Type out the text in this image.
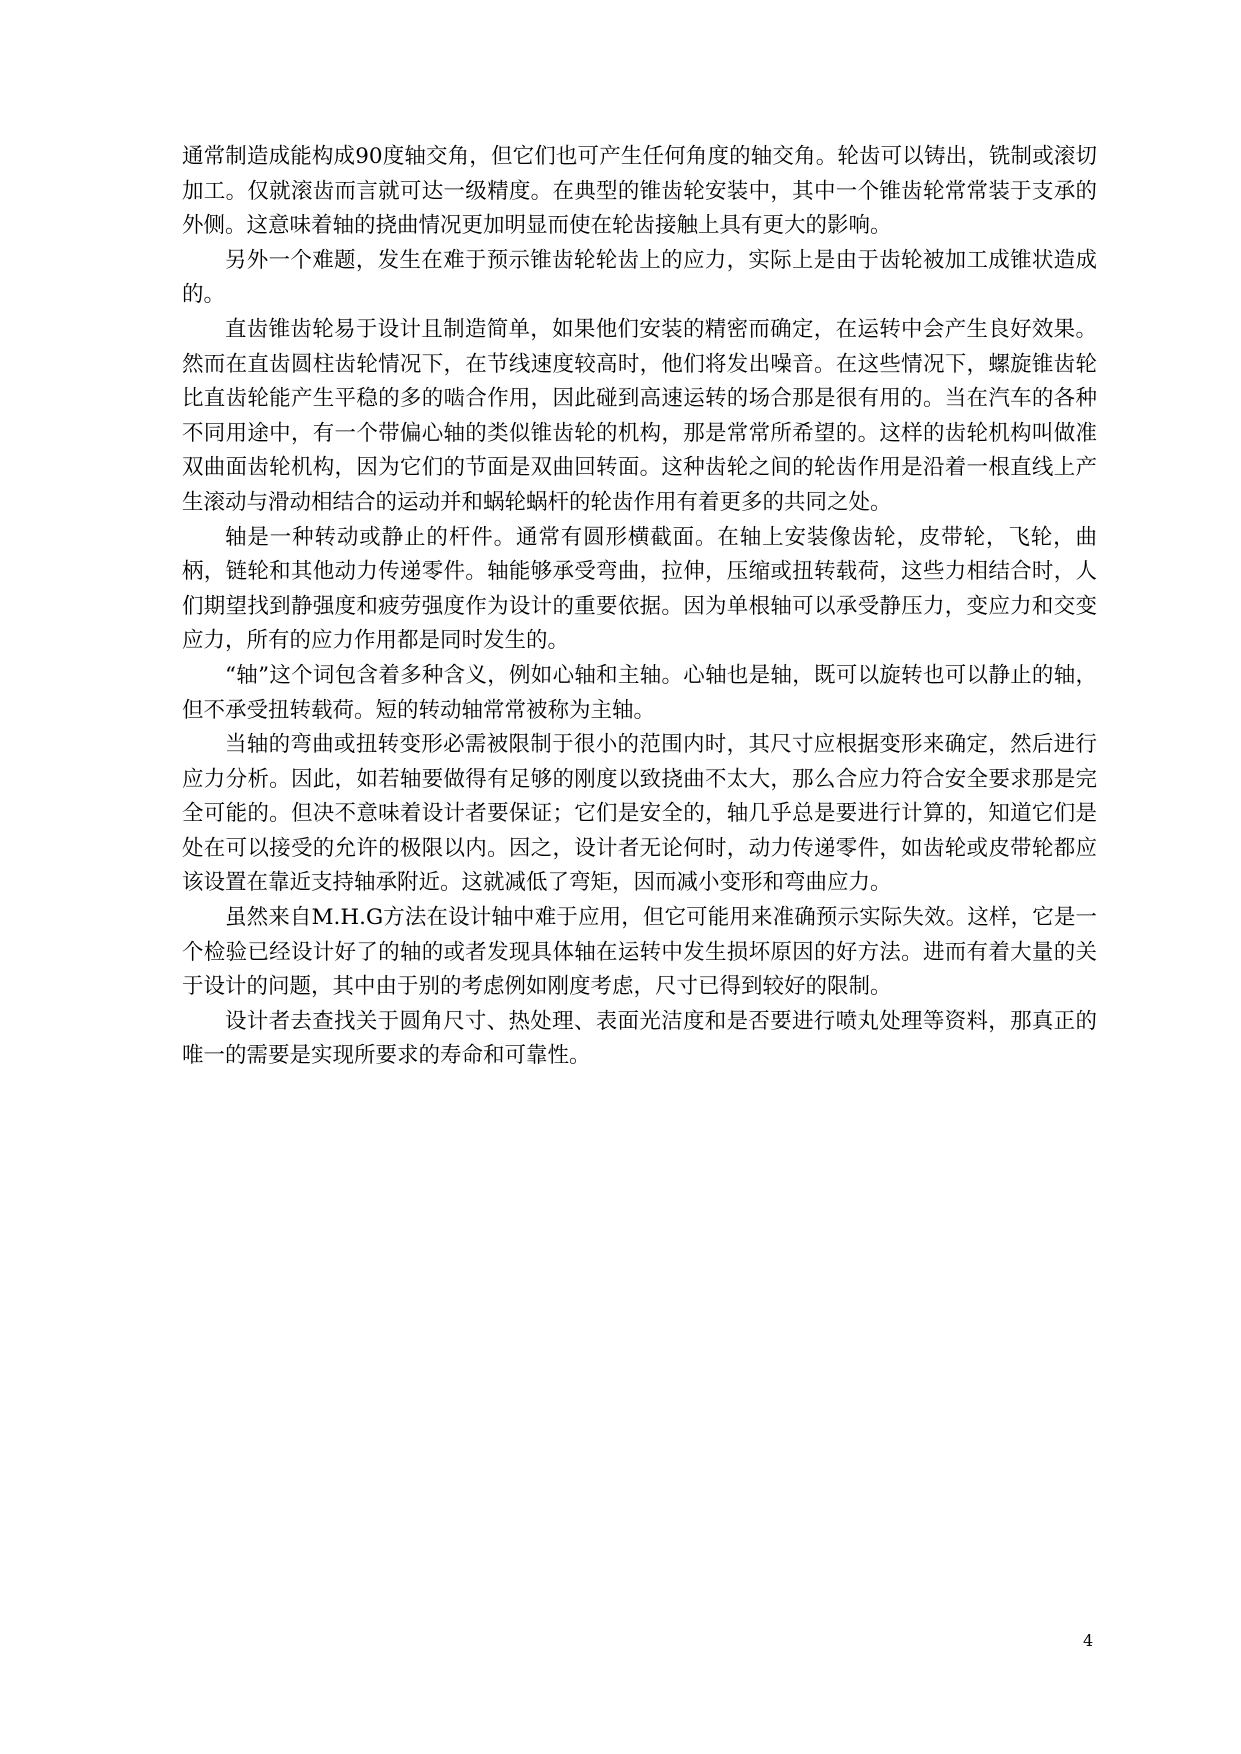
通常制造成能构成90度轴交角，但它们也可产生任何角度的轴交角。轮齿可以铸出，铣制或滚切加工。仅就滚齿而言就可达一级精度。在典型的锥齿轮安装中，其中一个锥齿轮常常装于支承的外侧。这意味着轴的挠曲情况更加明显而使在轮齿接触上具有更大的影响。

另外一个难题，发生在难于预示锥齿轮轮齿上的应力，实际上是由于齿轮被加工成锥状造成的。

直齿锥齿轮易于设计且制造简单，如果他们安装的精密而确定，在运转中会产生良好效果。然而在直齿圆柱齿轮情况下，在节线速度较高时，他们将发出噪音。在这些情况下，螺旋锥齿轮比直齿轮能产生平稳的多的啮合作用，因此碰到高速运转的场合那是很有用的。当在汽车的各种不同用途中，有一个带偏心轴的类似锥齿轮的机构，那是常常所希望的。这样的齿轮机构叫做准双曲面齿轮机构，因为它们的节面是双曲回转面。这种齿轮之间的轮齿作用是沿着一根直线上产生滚动与滑动相结合的运动并和蜗轮蜗杆的轮齿作用有着更多的共同之处。

轴是一种转动或静止的杆件。通常有圆形横截面。在轴上安装像齿轮，皮带轮，飞轮，曲柄，链轮和其他动力传递零件。轴能够承受弯曲，拉伸，压缩或扭转载荷，这些力相结合时，人们期望找到静强度和疲劳强度作为设计的重要依据。因为单根轴可以承受静压力，变应力和交变应力，所有的应力作用都是同时发生的。

“轴”这个词包含着多种含义，例如心轴和主轴。心轴也是轴，既可以旋转也可以静止的轴，但不承受扭转载荷。短的转动轴常常被称为主轴。

当轴的弯曲或扭转变形必需被限制于很小的范围内时，其尺寸应根据变形来确定，然后进行应力分析。因此，如若轴要做得有足够的刚度以致挠曲不太大，那么合应力符合安全要求那是完全可能的。但决不意味着设计者要保证；它们是安全的，轴几乎总是要进行计算的，知道它们是处在可以接受的允许的极限以内。因之，设计者无论何时，动力传递零件，如齿轮或皮带轮都应该设置在靠近支持轴承附近。这就减低了弯矩，因而减小变形和弯曲应力。

虽然来自M.H.G方法在设计轴中难于应用，但它可能用来准确预示实际失效。这样，它是一个检验已经设计好了的轴的或者发现具体轴在运转中发生损坏原因的好方法。进而有着大量的关于设计的问题，其中由于别的考虑例如刚度考虑，尺寸已得到较好的限制。

设计者去查找关于圆角尺寸、热处理、表面光洁度和是否要进行喷丸处理等资料，那真正的唯一的需要是实现所要求的寿命和可靠性。

4
